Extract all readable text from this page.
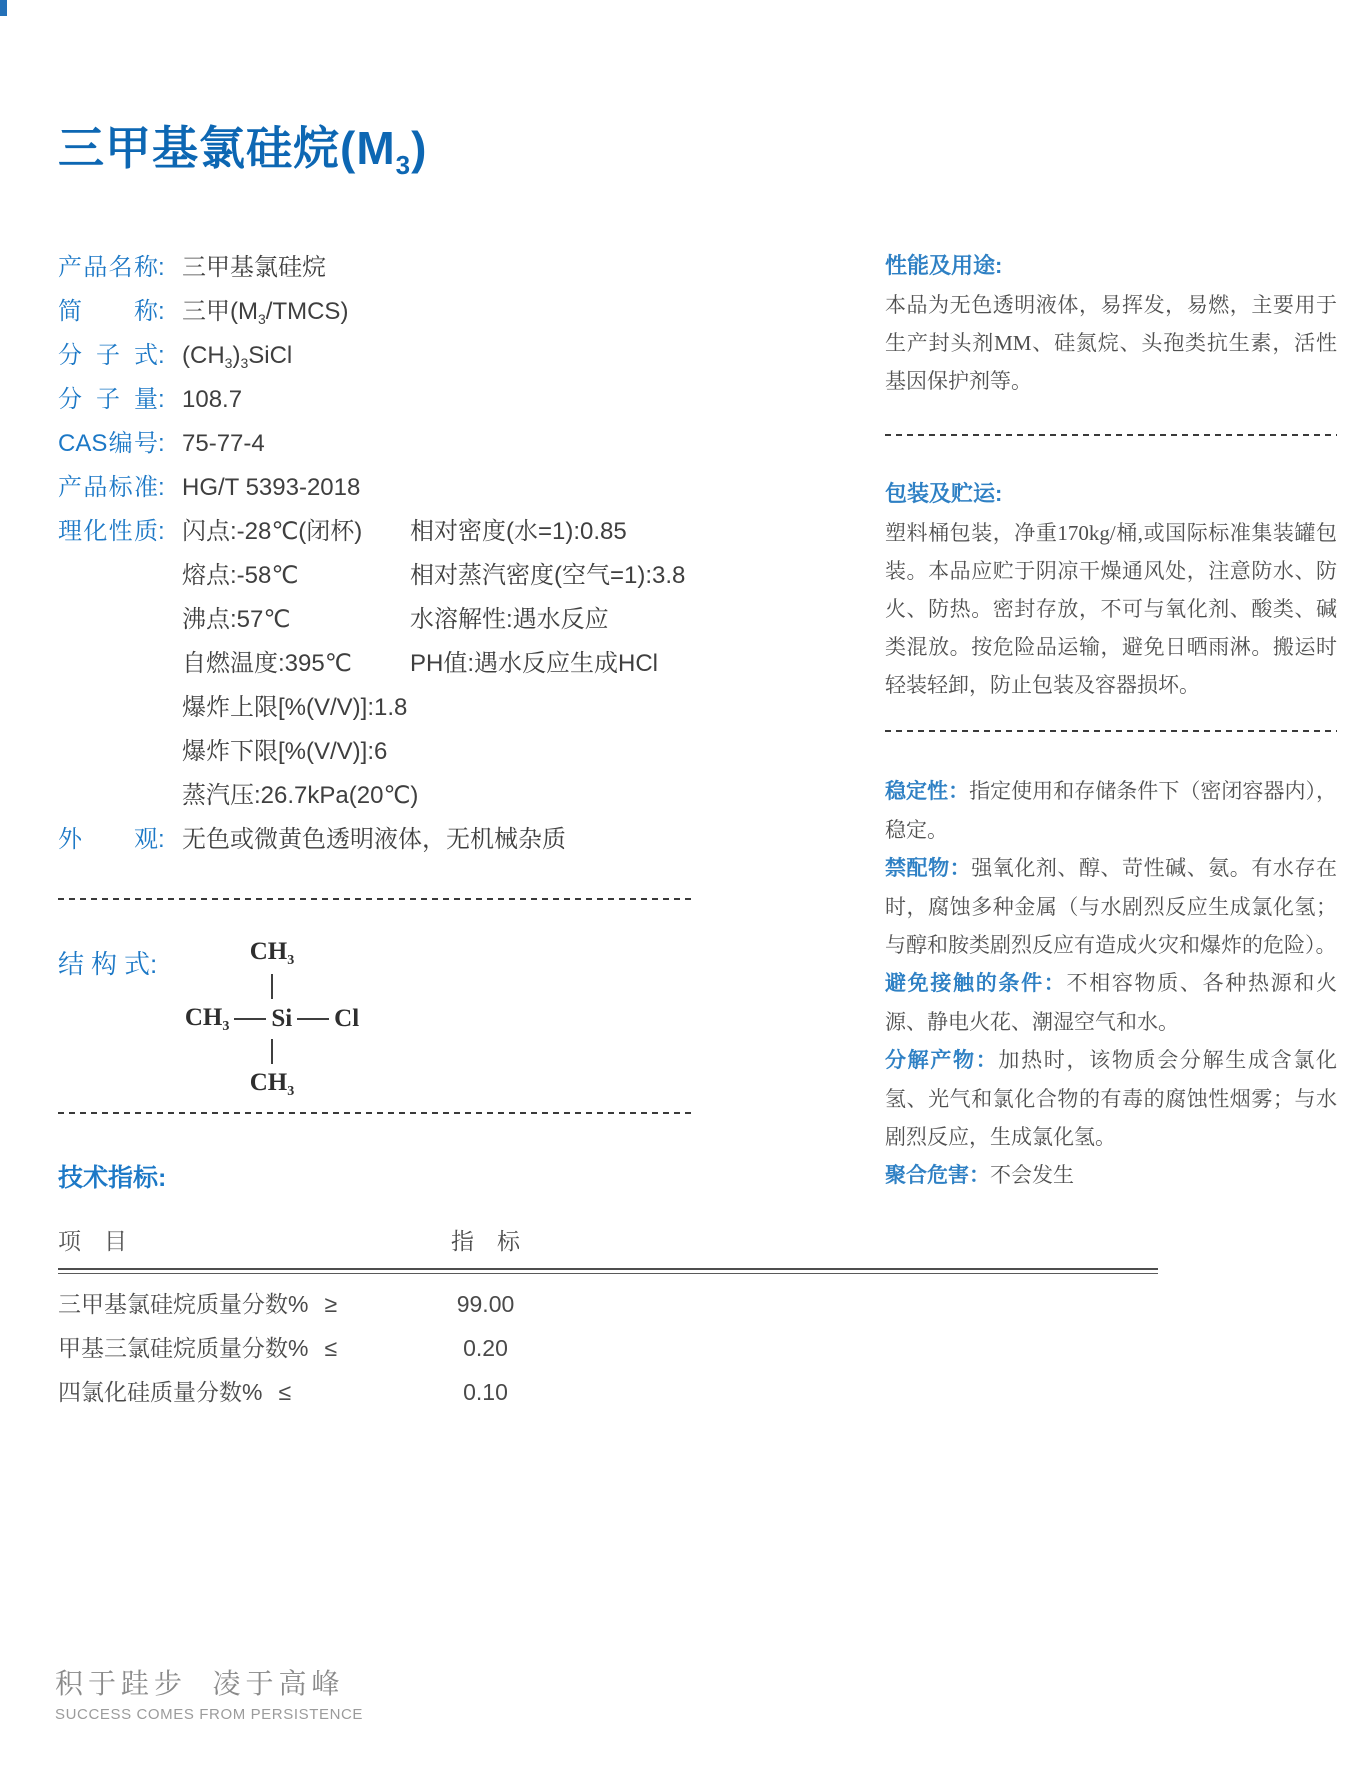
三甲基氯硅烷$(M_3)$
产品名称: 三甲基氯硅烷
简称: 三甲$(M_3/TMCS)$
分子式: $(CH_3)_3SiCl$
分子量: 108.7
CAS编号: 75-77-4
产品标准: HG/T 5393-2018
理化性质: 闪点:-28℃(闭杯)	相对密度(水=1):0.85
熔点:-58℃	相对蒸汽密度(空气=1):3.8
沸点:57℃	水溶解性:遇水反应
自燃温度:395℃	PH值:遇水反应生成HCl
爆炸上限[%(V/V)]:1.8
爆炸下限[%(V/V)]:6
蒸汽压:26.7kPa(20℃)
外观: 无色或微黄色透明液体，无机械杂质
结构式:	$CH_3$
$CH_3$ Si Cl
$CH_3$
技术指标:
项　目	指　标
三甲基氯硅烷质量分数% ≥	99.00
甲基三氯硅烷质量分数% ≤	0.20
四氯化硅质量分数% ≤	0.10
性能及用途:

本品为无色透明液体，易挥发，易燃，主要用于生产封头剂MM、硅氮烷、头孢类抗生素，活性基因保护剂等。

包装及贮运:

塑料桶包装，净重170kg/桶,或国际标准集装罐包装。本品应贮于阴凉干燥通风处，注意防水、防火、防热。密封存放，不可与氧化剂、酸类、碱类混放。按危险品运输，避免日晒雨淋。搬运时轻装轻卸，防止包装及容器损坏。

稳定性：指定使用和存储条件下（密闭容器内），稳定。

禁配物：强氧化剂、醇、苛性碱、氨。有水存在时，腐蚀多种金属（与水剧烈反应生成氯化氢；与醇和胺类剧烈反应有造成火灾和爆炸的危险）。

避免接触的条件：不相容物质、各种热源和火源、静电火花、潮湿空气和水。

分解产物：加热时，该物质会分解生成含氯化氢、光气和氯化合物的有毒的腐蚀性烟雾；与水剧烈反应，生成氯化氢。

聚合危害：不会发生

积于跬步  凌于高峰
SUCCESS COMES FROM PERSISTENCE
